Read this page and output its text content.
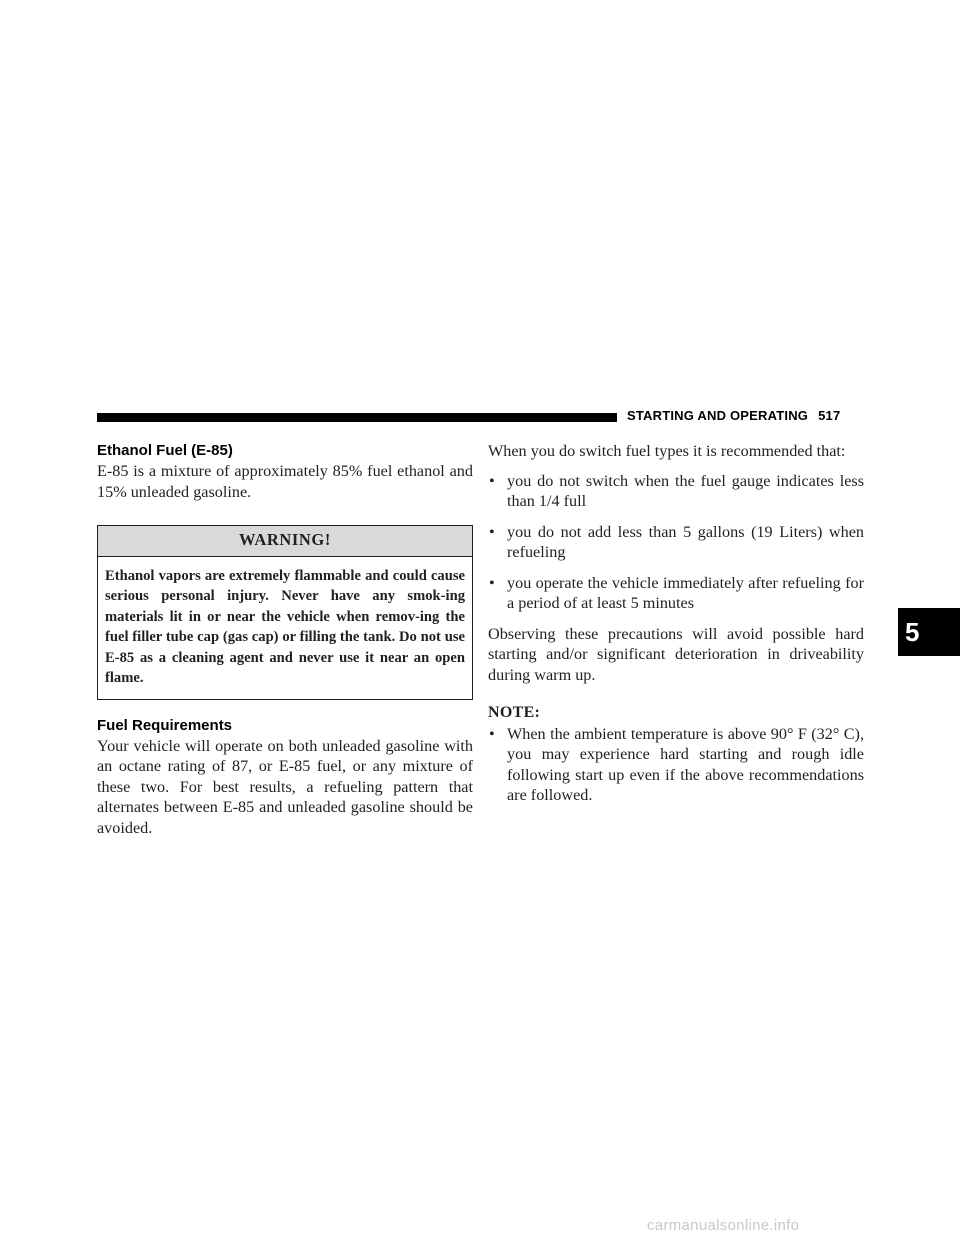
STARTING AND OPERATING 517
Ethanol Fuel (E-85)

E-85 is a mixture of approximately 85% fuel ethanol and 15% unleaded gasoline.

WARNING!
Ethanol vapors are extremely flammable and could cause serious personal injury. Never have any smok-ing materials lit in or near the vehicle when remov-ing the fuel filler tube cap (gas cap) or filling the tank. Do not use E-85 as a cleaning agent and never use it near an open flame.
Fuel Requirements

Your vehicle will operate on both unleaded gasoline with an octane rating of 87, or E-85 fuel, or any mixture of these two. For best results, a refueling pattern that alternates between E-85 and unleaded gasoline should be avoided.

When you do switch fuel types it is recommended that:

• you do not switch when the fuel gauge indicates less than 1/4 full
• you do not add less than 5 gallons (19 Liters) when refueling
• you operate the vehicle immediately after refueling for a period of at least 5 minutes

Observing these precautions will avoid possible hard starting and/or significant deterioration in driveability during warm up.

NOTE:
• When the ambient temperature is above 90° F (32° C), you may experience hard starting and rough idle following start up even if the above recommendations are followed.
5
carmanualsonline.info
